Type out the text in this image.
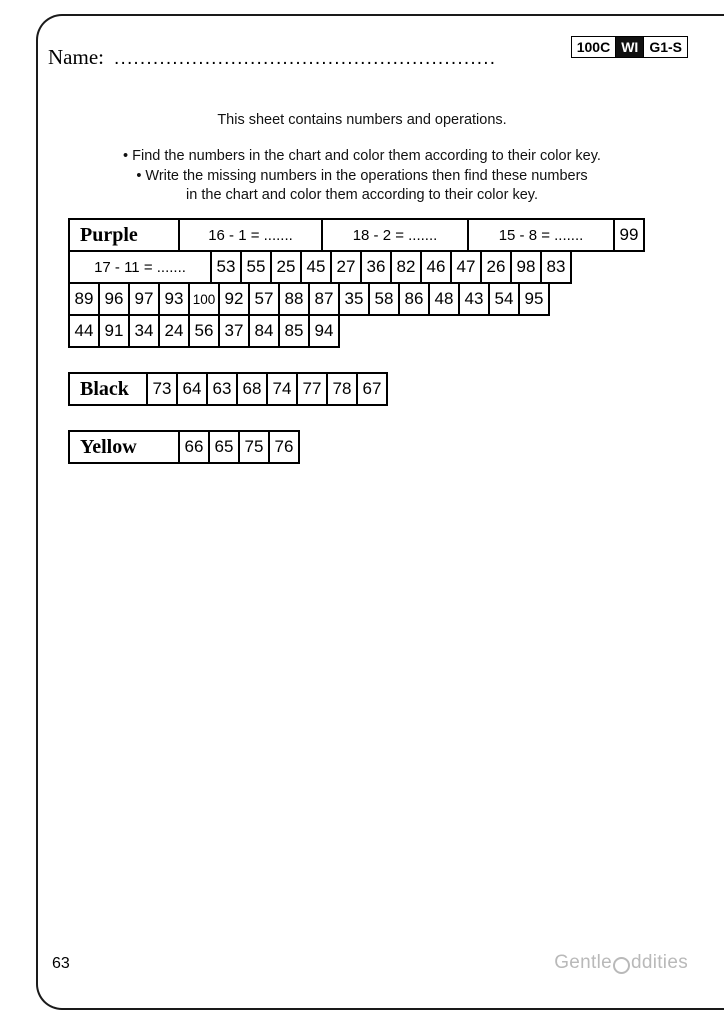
100C WI G1-S
Name: ...........................................................
This sheet contains numbers and operations.
• Find the numbers in the chart and color them according to their color key.
• Write the missing numbers in the operations then find these numbers
in the chart and color them according to their color key.
Purple	16 - 1 = .......	18 - 2 = .......	15 - 8 = .......	99
17 - 11 = .......	53 55 25 45 27 36 82 46 47 26 98 83
89 96 97 93 100 92 57 88 87 35 58 86 48 43 54 95
44 91 34 24 56 37 84 85 94
Black	73 64 63 68 74 77 78 67
Yellow	66 65 75 76
63	Gentle ddities
